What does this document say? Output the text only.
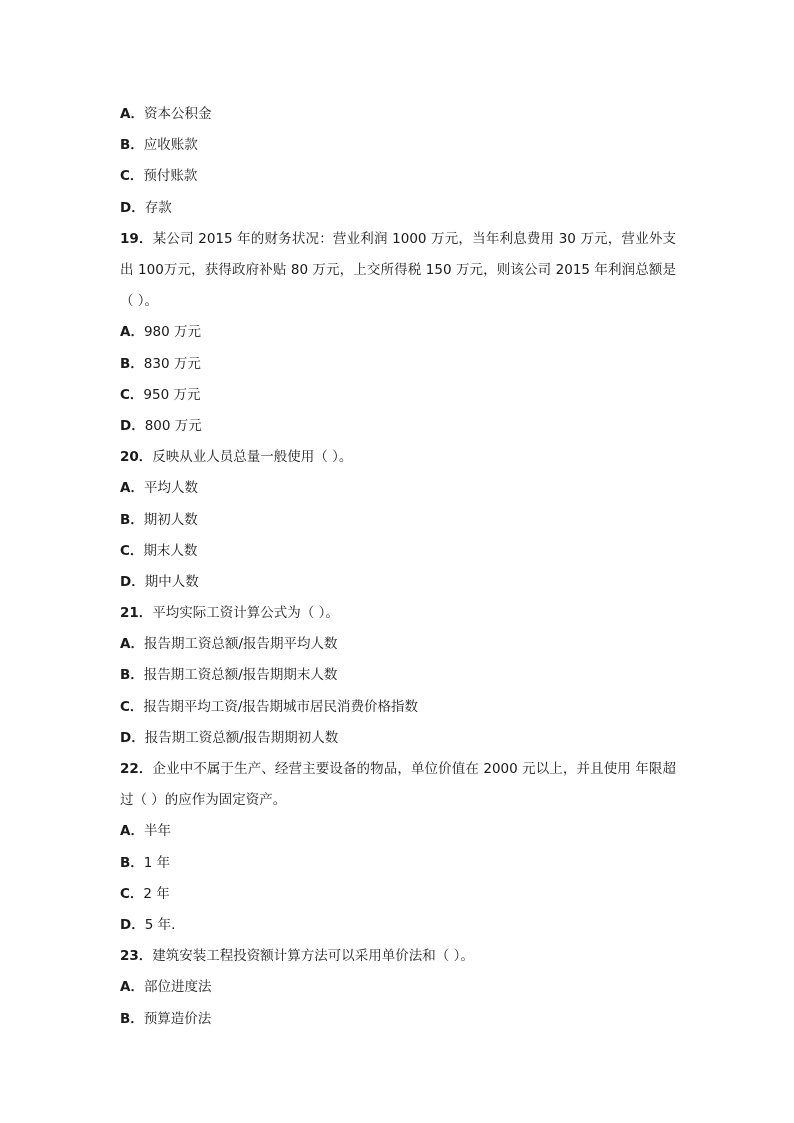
A．资本公积金
B．应收账款
C．预付账款
D．存款
19．某公司 2015 年的财务状况：营业利润 1000 万元，当年利息费用 30 万元，营业外支出 100万元，获得政府补贴 80 万元，上交所得税 150 万元，则该公司 2015 年利润总额是（ ）。
A．980 万元
B．830 万元
C．950 万元
D．800 万元
20．反映从业人员总量一般使用（ ）。
A．平均人数
B．期初人数
C．期末人数
D．期中人数
21．平均实际工资计算公式为（ ）。
A．报告期工资总额/报告期平均人数
B．报告期工资总额/报告期期末人数
C．报告期平均工资/报告期城市居民消费价格指数
D．报告期工资总额/报告期期初人数
22．企业中不属于生产、经营主要设备的物品，单位价值在 2000 元以上，并且使用 年限超过（ ）的应作为固定资产。
A．半年
B．1 年
C．2 年
D．5 年.
23．建筑安装工程投资额计算方法可以采用单价法和（ ）。
A．部位进度法
B．预算造价法
